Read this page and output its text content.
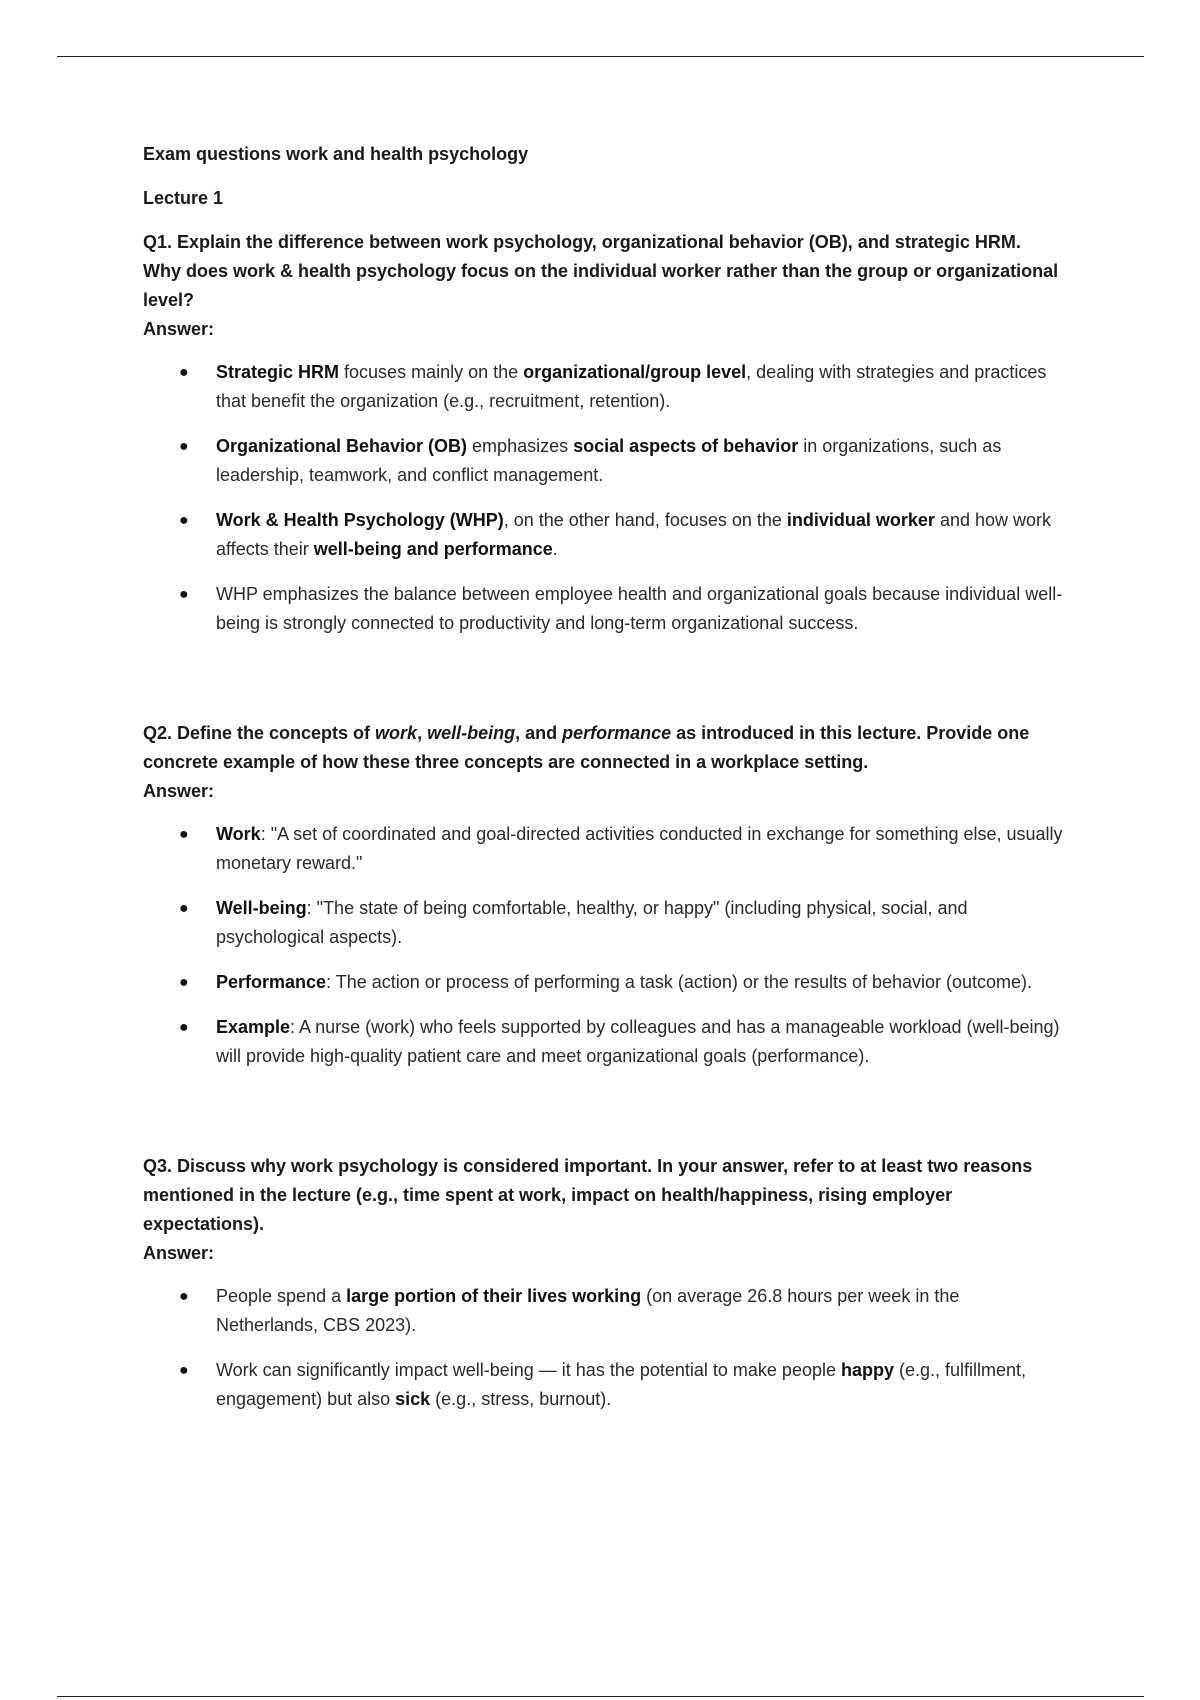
Exam questions work and health psychology

Lecture 1

Q1. Explain the difference between work psychology, organizational behavior (OB), and strategic HRM. Why does work & health psychology focus on the individual worker rather than the group or organizational level?

Answer:

● Strategic HRM focuses mainly on the organizational/group level, dealing with strategies and practices that benefit the organization (e.g., recruitment, retention).
● Organizational Behavior (OB) emphasizes social aspects of behavior in organizations, such as leadership, teamwork, and conflict management.
● Work & Health Psychology (WHP), on the other hand, focuses on the individual worker and how work affects their well-being and performance.
● WHP emphasizes the balance between employee health and organizational goals because individual well-being is strongly connected to productivity and long-term organizational success.

Q2. Define the concepts of work, well-being, and performance as introduced in this lecture. Provide one concrete example of how these three concepts are connected in a workplace setting.

Answer:

● Work: "A set of coordinated and goal-directed activities conducted in exchange for something else, usually monetary reward."
● Well-being: "The state of being comfortable, healthy, or happy" (including physical, social, and psychological aspects).
● Performance: The action or process of performing a task (action) or the results of behavior (outcome).
● Example: A nurse (work) who feels supported by colleagues and has a manageable workload (well-being) will provide high-quality patient care and meet organizational goals (performance).

Q3. Discuss why work psychology is considered important. In your answer, refer to at least two reasons mentioned in the lecture (e.g., time spent at work, impact on health/happiness, rising employer expectations).

Answer:

● People spend a large portion of their lives working (on average 26.8 hours per week in the Netherlands, CBS 2023).
● Work can significantly impact well-being — it has the potential to make people happy (e.g., fulfillment, engagement) but also sick (e.g., stress, burnout).
